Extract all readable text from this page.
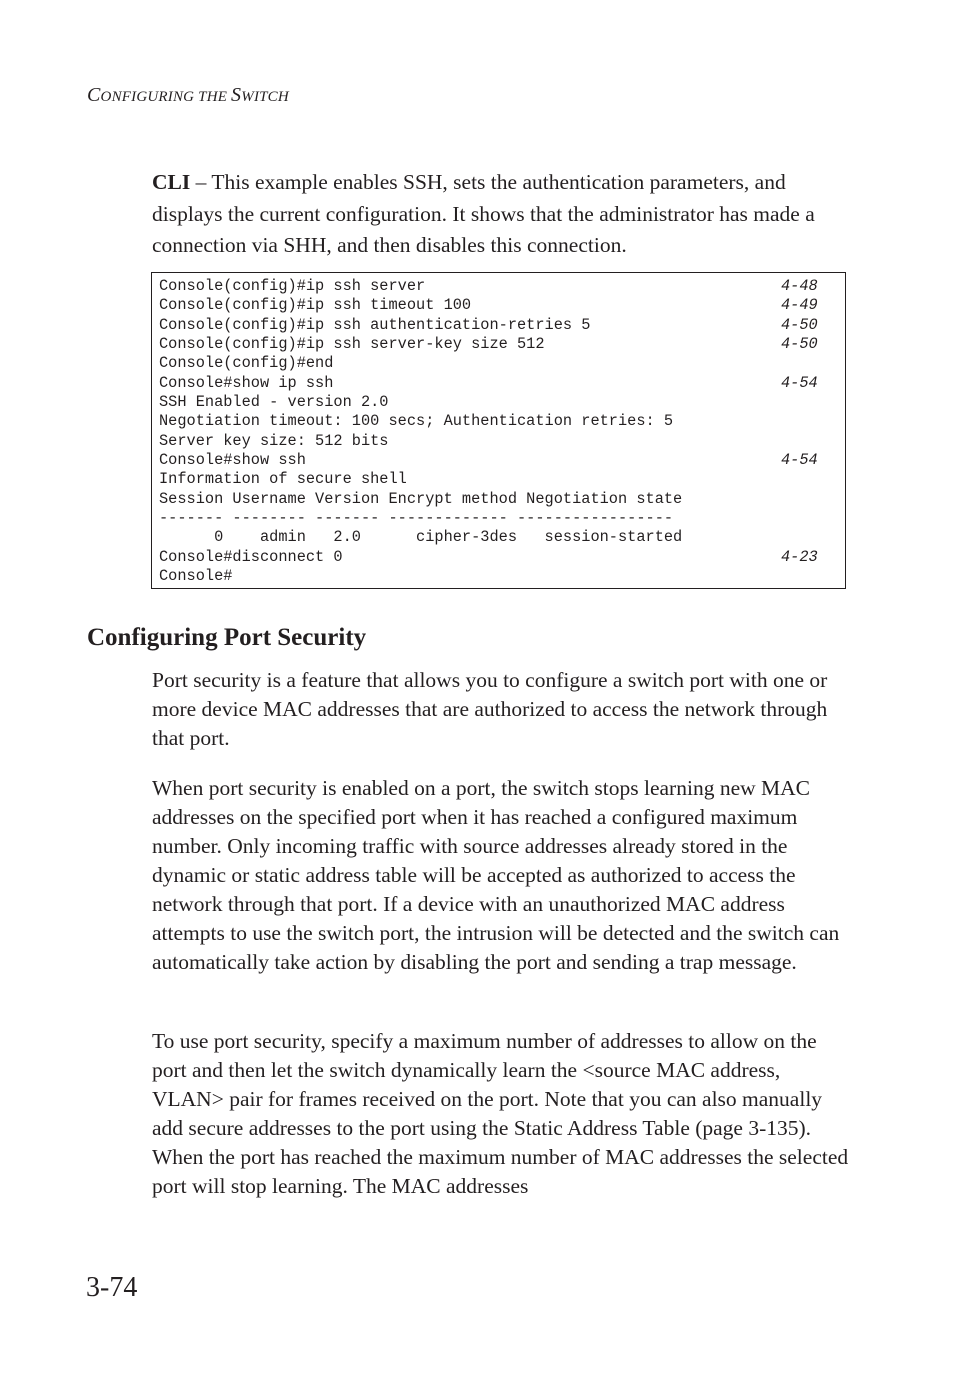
CONFIGURING THE SWITCH

CLI – This example enables SSH, sets the authentication parameters, and displays the current configuration. It shows that the administrator has made a connection via SHH, and then disables this connection.

Console(config)#ip ssh server	4-48
Console(config)#ip ssh timeout 100	4-49
Console(config)#ip ssh authentication-retries 5	4-50
Console(config)#ip ssh server-key size 512	4-50
Console(config)#end
Console#show ip ssh	4-54
SSH Enabled - version 2.0
Negotiation timeout: 100 secs; Authentication retries: 5
Server key size: 512 bits
Console#show ssh	4-54
Information of secure shell
Session Username Version Encrypt method Negotiation state
------- -------- ------- ------------- -----------------
0    admin   2.0      cipher-3des   session-started
Console#disconnect 0	4-23
Console#
Configuring Port Security

Port security is a feature that allows you to configure a switch port with one or more device MAC addresses that are authorized to access the network through that port.

When port security is enabled on a port, the switch stops learning new MAC addresses on the specified port when it has reached a configured maximum number. Only incoming traffic with source addresses already stored in the dynamic or static address table will be accepted as authorized to access the network through that port. If a device with an unauthorized MAC address attempts to use the switch port, the intrusion will be detected and the switch can automatically take action by disabling the port and sending a trap message.

To use port security, specify a maximum number of addresses to allow on the port and then let the switch dynamically learn the <source MAC address, VLAN> pair for frames received on the port. Note that you can also manually add secure addresses to the port using the Static Address Table (page 3-135). When the port has reached the maximum number of MAC addresses the selected port will stop learning. The MAC addresses

3-74
